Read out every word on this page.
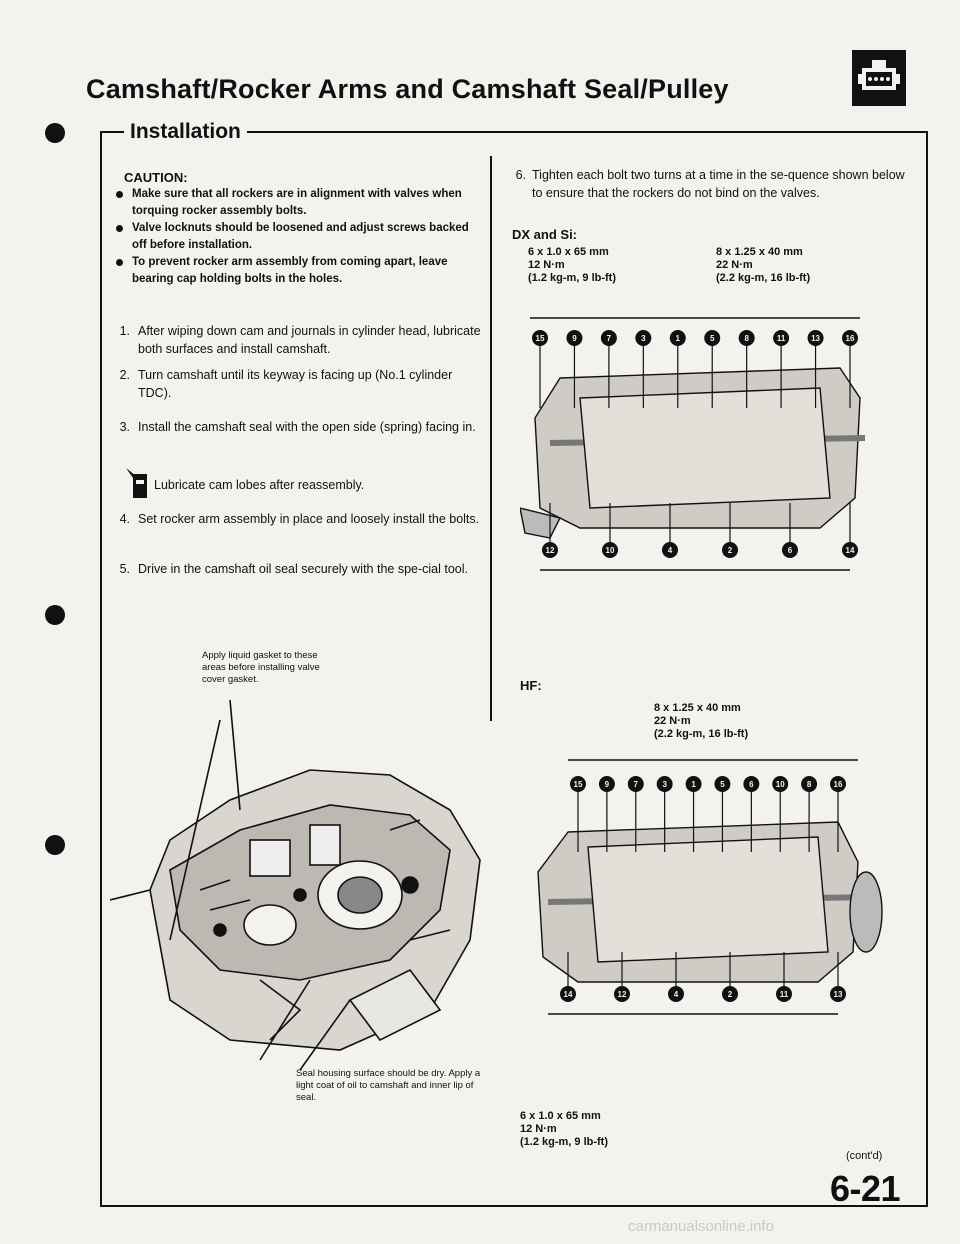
Camshaft/Rocker Arms and Camshaft Seal/Pulley
Installation
CAUTION:
Make sure that all rockers are in alignment with valves when torquing rocker assembly bolts.
Valve locknuts should be loosened and adjust screws backed off before installation.
To prevent rocker arm assembly from coming apart, leave bearing cap holding bolts in the holes.
1. After wiping down cam and journals in cylinder head, lubricate both surfaces and install camshaft.
2. Turn camshaft until its keyway is facing up (No.1 cylinder TDC).
3. Install the camshaft seal with the open side (spring) facing in.
Lubricate cam lobes after reassembly.
4. Set rocker arm assembly in place and loosely install the bolts.
5. Drive in the camshaft oil seal securely with the spe-cial tool.
Apply liquid gasket to these areas before installing valve cover gasket.
Seal housing surface should be dry. Apply a light coat of oil to camshaft and inner lip of seal.
6. Tighten each bolt two turns at a time in the se-quence shown below to ensure that the rockers do not bind on the valves.
DX and Si:
6 x 1.0 x 65 mm
12 N·m
(1.2 kg-m, 9 lb-ft)
8 x 1.25 x 40 mm
22 N·m
(2.2 kg-m, 16 lb-ft)
15	9	7	3	1	5	8	11	13	16
12	10	4	2	6	14
HF:
8 x 1.25 x 40 mm
22 N·m
(2.2 kg-m, 16 lb-ft)
15	9	7	3	1	5	6	10	8	16
14	12	4	2	11	13
6 x 1.0 x 65 mm
12 N·m
(1.2 kg-m, 9 lb-ft)
(cont'd)
6-21
carmanualsonline.info
